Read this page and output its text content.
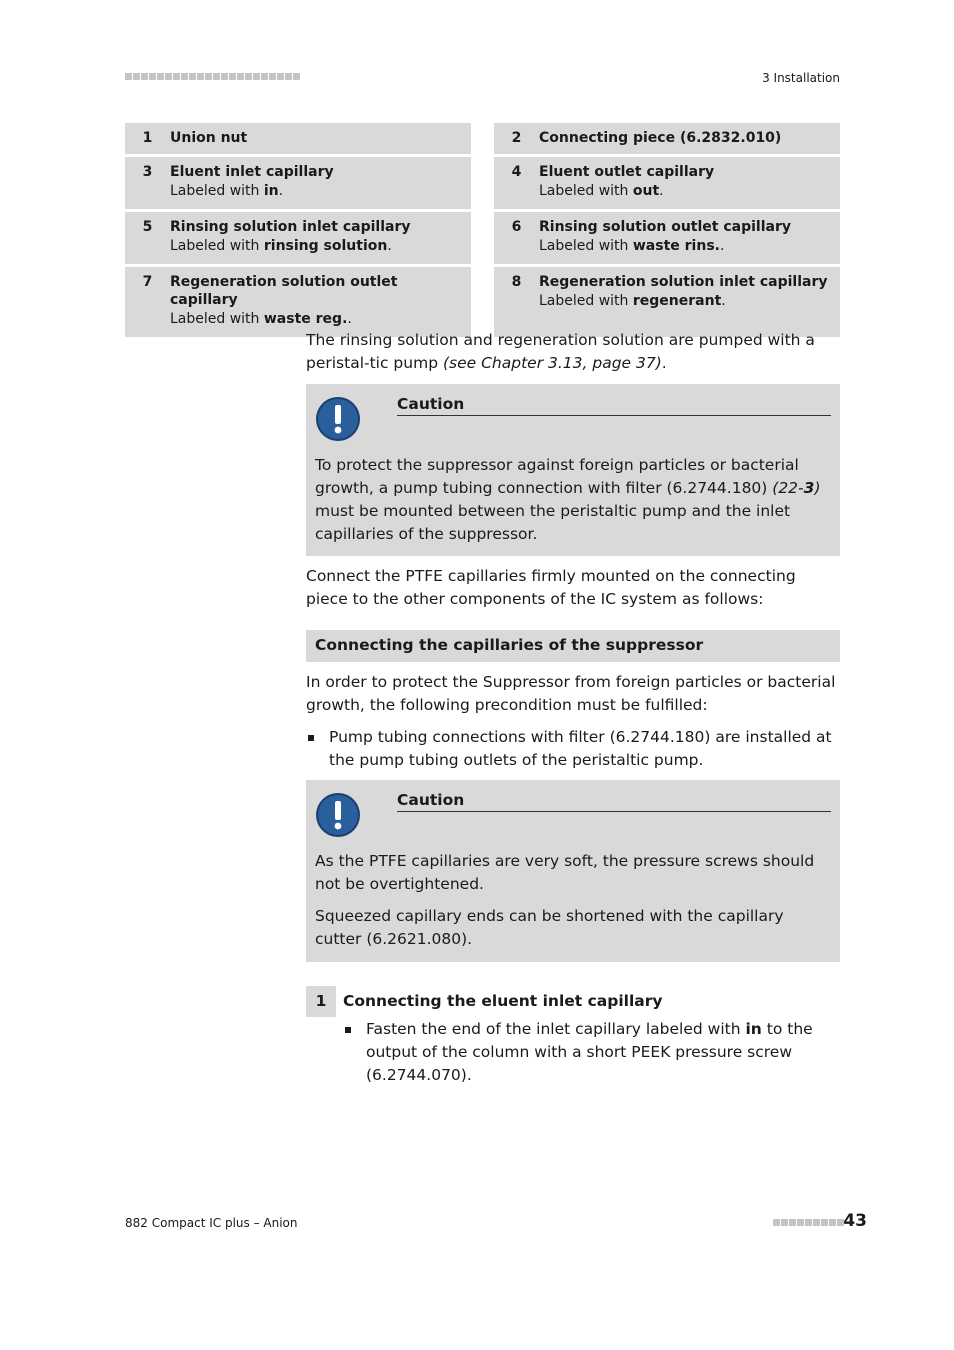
3 Installation
1	Union nut	2	Connecting piece (6.2832.010)
3	Eluent inlet capillary
Labeled with in.
4	Eluent outlet capillary
Labeled with out.
5	Rinsing solution inlet capillary
Labeled with rinsing solution.
6	Rinsing solution outlet capillary
Labeled with waste rins..
7	Regeneration solution outlet capillary
Labeled with waste reg..
8	Regeneration solution inlet capillary
Labeled with regenerant.

The rinsing solution and regeneration solution are pumped with a peristal-tic pump (see Chapter 3.13, page 37).

Caution

To protect the suppressor against foreign particles or bacterial growth, a pump tubing connection with filter (6.2744.180) (22-3) must be mounted between the peristaltic pump and the inlet capillaries of the suppressor.

Connect the PTFE capillaries firmly mounted on the connecting piece to the other components of the IC system as follows:

Connecting the capillaries of the suppressor

In order to protect the Suppressor from foreign particles or bacterial growth, the following precondition must be fulfilled:

Pump tubing connections with filter (6.2744.180) are installed at the pump tubing outlets of the peristaltic pump.
Caution

As the PTFE capillaries are very soft, the pressure screws should not be overtightened.

Squeezed capillary ends can be shortened with the capillary cutter (6.2621.080).

1	Connecting the eluent inlet capillary
Fasten the end of the inlet capillary labeled with in to the output of the column with a short PEEK pressure screw (6.2744.070).
882 Compact IC plus – Anion	43
